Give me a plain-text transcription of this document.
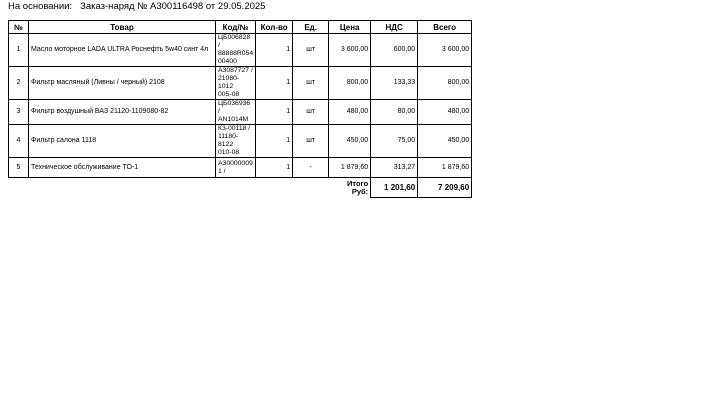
На основании: Заказ-наряд № А300116498 от 29.05.2025
№	Товар	Код/№	Кол-во	Ед.	Цена	НДС	Всего
1	Масло моторное LADA ULTRA Роснефть 5w40 синт 4л	ЦБ006828 /
88888R054
00400	1	шт	3 600,00	600,00	3 600,00
2	Фильтр масляный (Ливны / черный) 2108	А3087727 /
21080-1012
005-08	1	шт	800,00	133,33	800,00
3	Фильтр воздушный ВАЗ 21120-1109080-82	ЦБ036936 /
AN1014M	1	шт	480,00	80,00	480,00
4	Фильтр салона 1118	К3-00118 /
11180-8122
010-08	1	шт	450,00	75,00	450,00
5	Техническое обслуживание ТО-1	А30000009
1 /	1	-	1 879,60	313,27	1 879,60
					Итого Руб:	1 201,60	7 209,60
